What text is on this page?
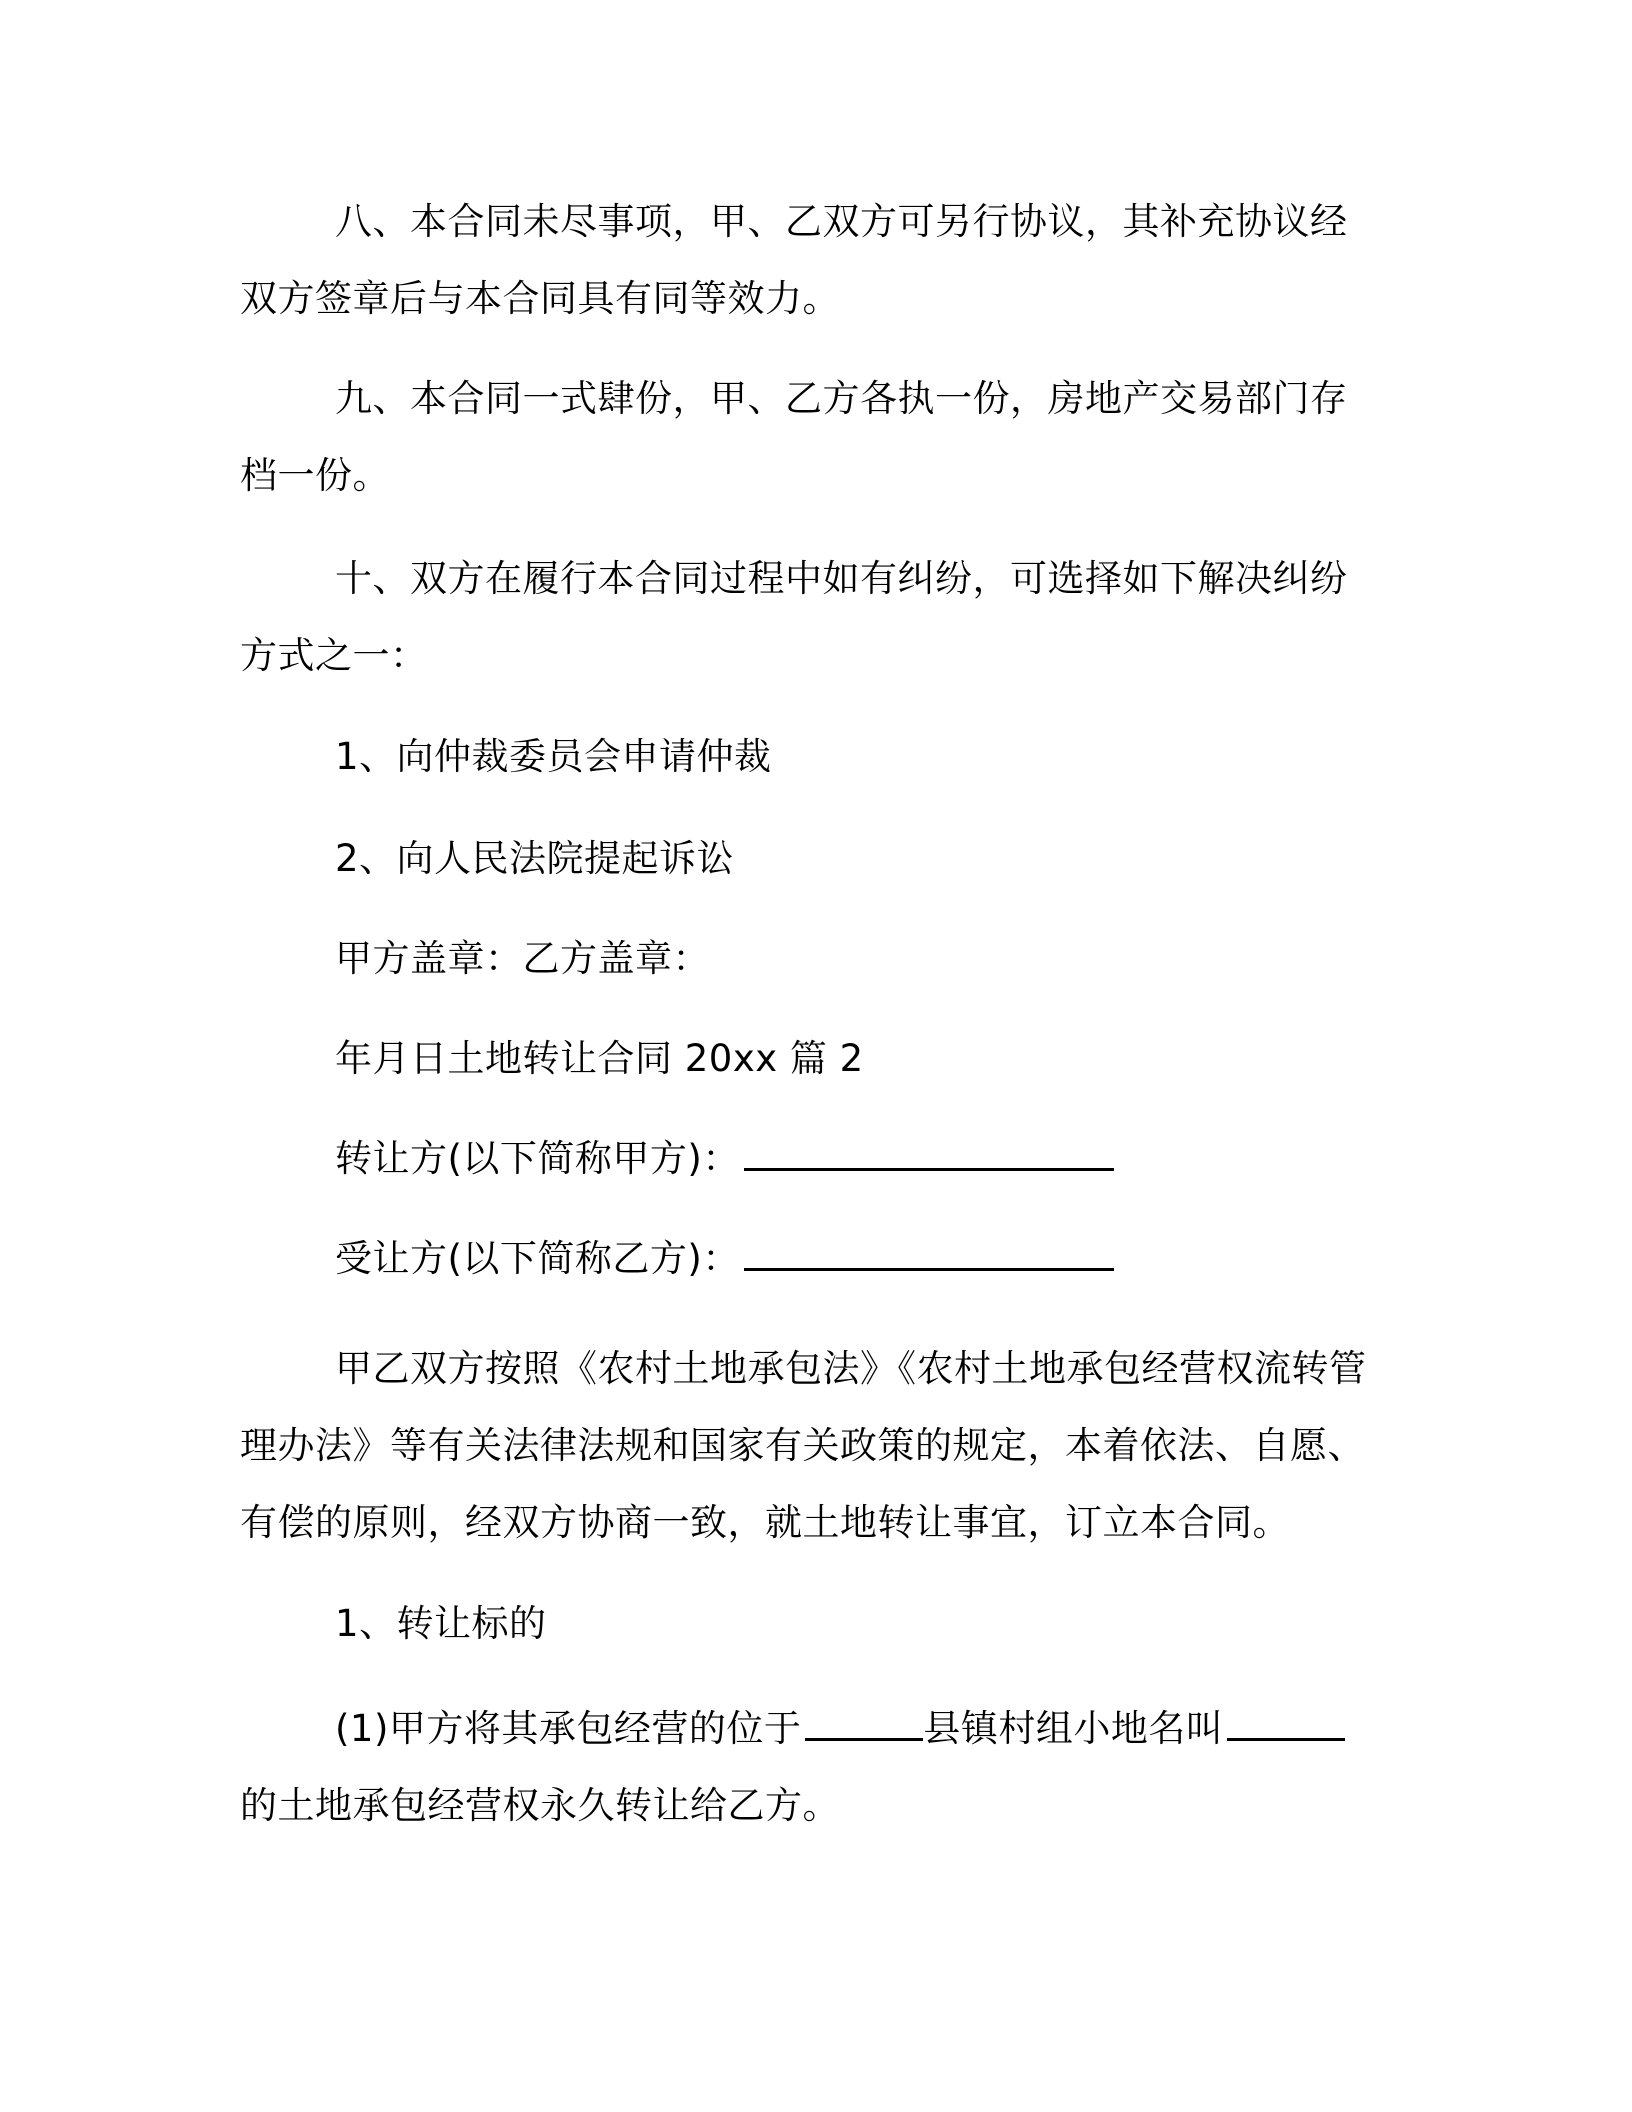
八、本合同未尽事项，甲、乙双方可另行协议，其补充协议经双方签章后与本合同具有同等效力。

九、本合同一式肆份，甲、乙方各执一份，房地产交易部门存档一份。

十、双方在履行本合同过程中如有纠纷，可选择如下解决纠纷方式之一：

1、向仲裁委员会申请仲裁

2、向人民法院提起诉讼

甲方盖章：乙方盖章：

年月日土地转让合同 20xx 篇 2

转让方(以下简称甲方)：

受让方(以下简称乙方)：

甲乙双方按照《农村土地承包法》《农村土地承包经营权流转管理办法》等有关法律法规和国家有关政策的规定，本着依法、自愿、有偿的原则，经双方协商一致，就土地转让事宜，订立本合同。

1、转让标的

(1)甲方将其承包经营的位于	县镇村组小地名叫的土地承包经营权永久转让给乙方。
